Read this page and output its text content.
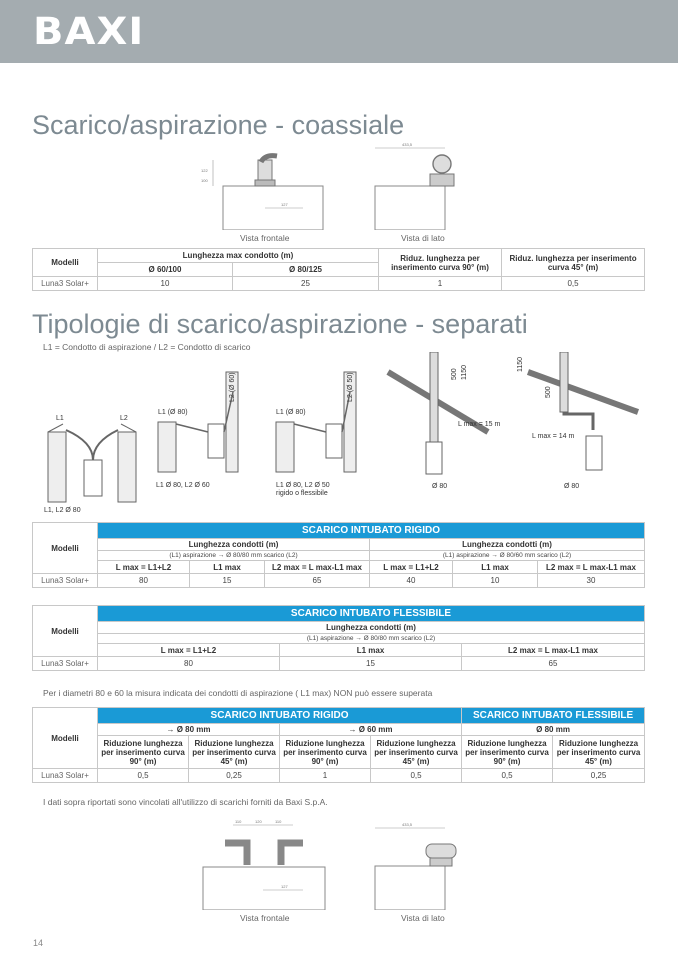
BAXI
Scarico/aspirazione - coassiale
122
100
127
433,5
Vista frontale	Vista di lato
Modelli	Lunghezza max condotto (m)		Riduz. lunghezza per inserimento curva 90° (m)	Riduz. lunghezza per inserimento curva 45° (m)
	Ø 60/100	Ø 80/125		
Luna3 Solar+	10	25	1	0,5
Tipologie di scarico/aspirazione - separati
L1 = Condotto di aspirazione / L2 = Condotto di scarico
L1	L2
L1, L2 Ø 80
L1 (Ø 80)
L2 (Ø 60)
L1 Ø 80, L2 Ø 60
L1 (Ø 80)
L2 (Ø 50)
L1 Ø 80, L2 Ø 50
rigido o flessibile
500 1150
L max = 15 m
Ø 80
1150
500
L max = 14 m
Ø 80
Modelli	SCARICO INTUBATO RIGIDO					
	Lunghezza condotti (m)			Lunghezza condotti (m)		
	(L1) aspirazione → Ø 80/80 mm scarico (L2)			(L1) aspirazione → Ø 80/60 mm scarico (L2)		
	L max = L1+L2	L1 max	L2 max = L max-L1 max	L max = L1+L2	L1 max	L2 max = L max-L1 max
Luna3 Solar+	80	15	65	40	10	30
Modelli	SCARICO INTUBATO FLESSIBILE		
	Lunghezza condotti (m)		
	(L1) aspirazione → Ø 80/80 mm scarico (L2)		
	L max = L1+L2	L1 max	L2 max = L max-L1 max
Luna3 Solar+	80	15	65
Per i diametri 80 e 60 la misura indicata dei condotti di aspirazione ( L1 max) NON può essere superata
Modelli	SCARICO INTUBATO RIGIDO				SCARICO INTUBATO FLESSIBILE	
	→ Ø 80 mm		→ Ø 60 mm		Ø 80 mm	
	Riduzione lunghezza per inserimento curva 90° (m)	Riduzione lunghezza per inserimento curva 45° (m)	Riduzione lunghezza per inserimento curva 90° (m)	Riduzione lunghezza per inserimento curva 45° (m)	Riduzione lunghezza per inserimento curva 90° (m)	Riduzione lunghezza per inserimento curva 45° (m)
Luna3 Solar+	0,5	0,25	1	0,5	0,5	0,25
I dati sopra riportati sono vincolati all'utilizzo di scarichi forniti da Baxi S.p.A.
110	120	110
127
433,5
Vista frontale	Vista di lato
14
